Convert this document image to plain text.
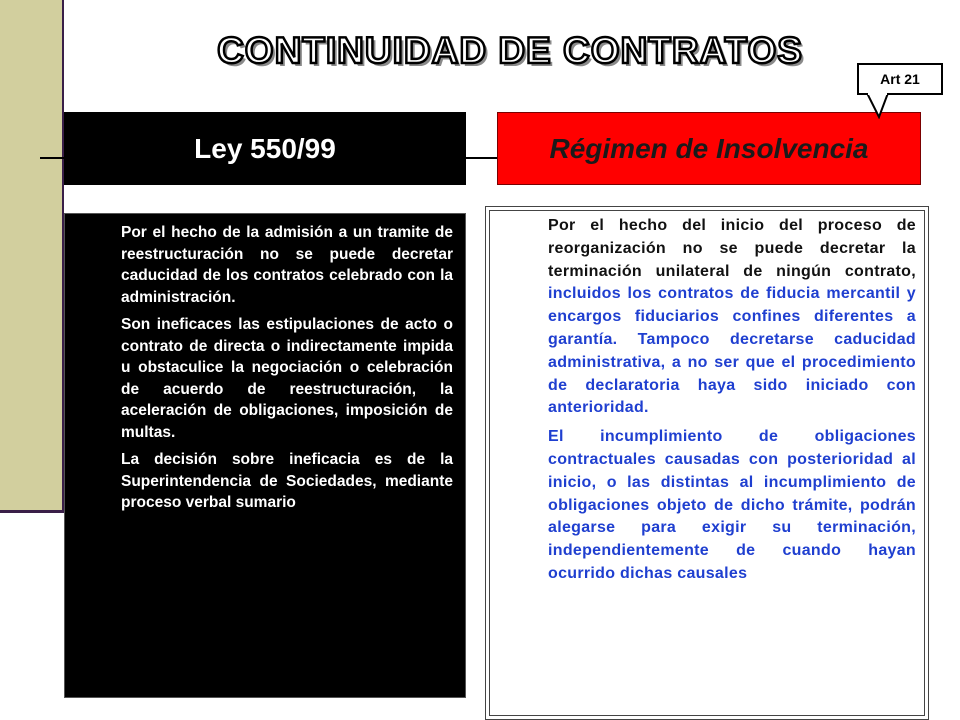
CONTINUIDAD DE CONTRATOS
Ley 550/99	Régimen de Insolvencia
Art 21

Por el hecho de la admisión a un tramite de reestructuración no se puede decretar caducidad de los contratos celebrado con la administración.

Son ineficaces las estipulaciones de acto o contrato de directa o indirectamente impida u obstaculice la negociación o celebración de acuerdo de reestructuración, la aceleración de obligaciones, imposición de multas.

La decisión sobre ineficacia es de la Superintendencia de Sociedades, mediante proceso verbal sumario

Por el hecho del inicio del proceso de reorganización no se puede decretar la terminación unilateral de ningún contrato, incluidos los contratos de fiducia mercantil y encargos fiduciarios confines diferentes a garantía. Tampoco decretarse caducidad administrativa, a no ser que el procedimiento de declaratoria haya sido iniciado con anterioridad.

El incumplimiento de obligaciones contractuales causadas con posterioridad al inicio, o las distintas al incumplimiento de obligaciones objeto de dicho trámite, podrán alegarse para exigir su terminación, independientemente de cuando hayan ocurrido dichas causales
